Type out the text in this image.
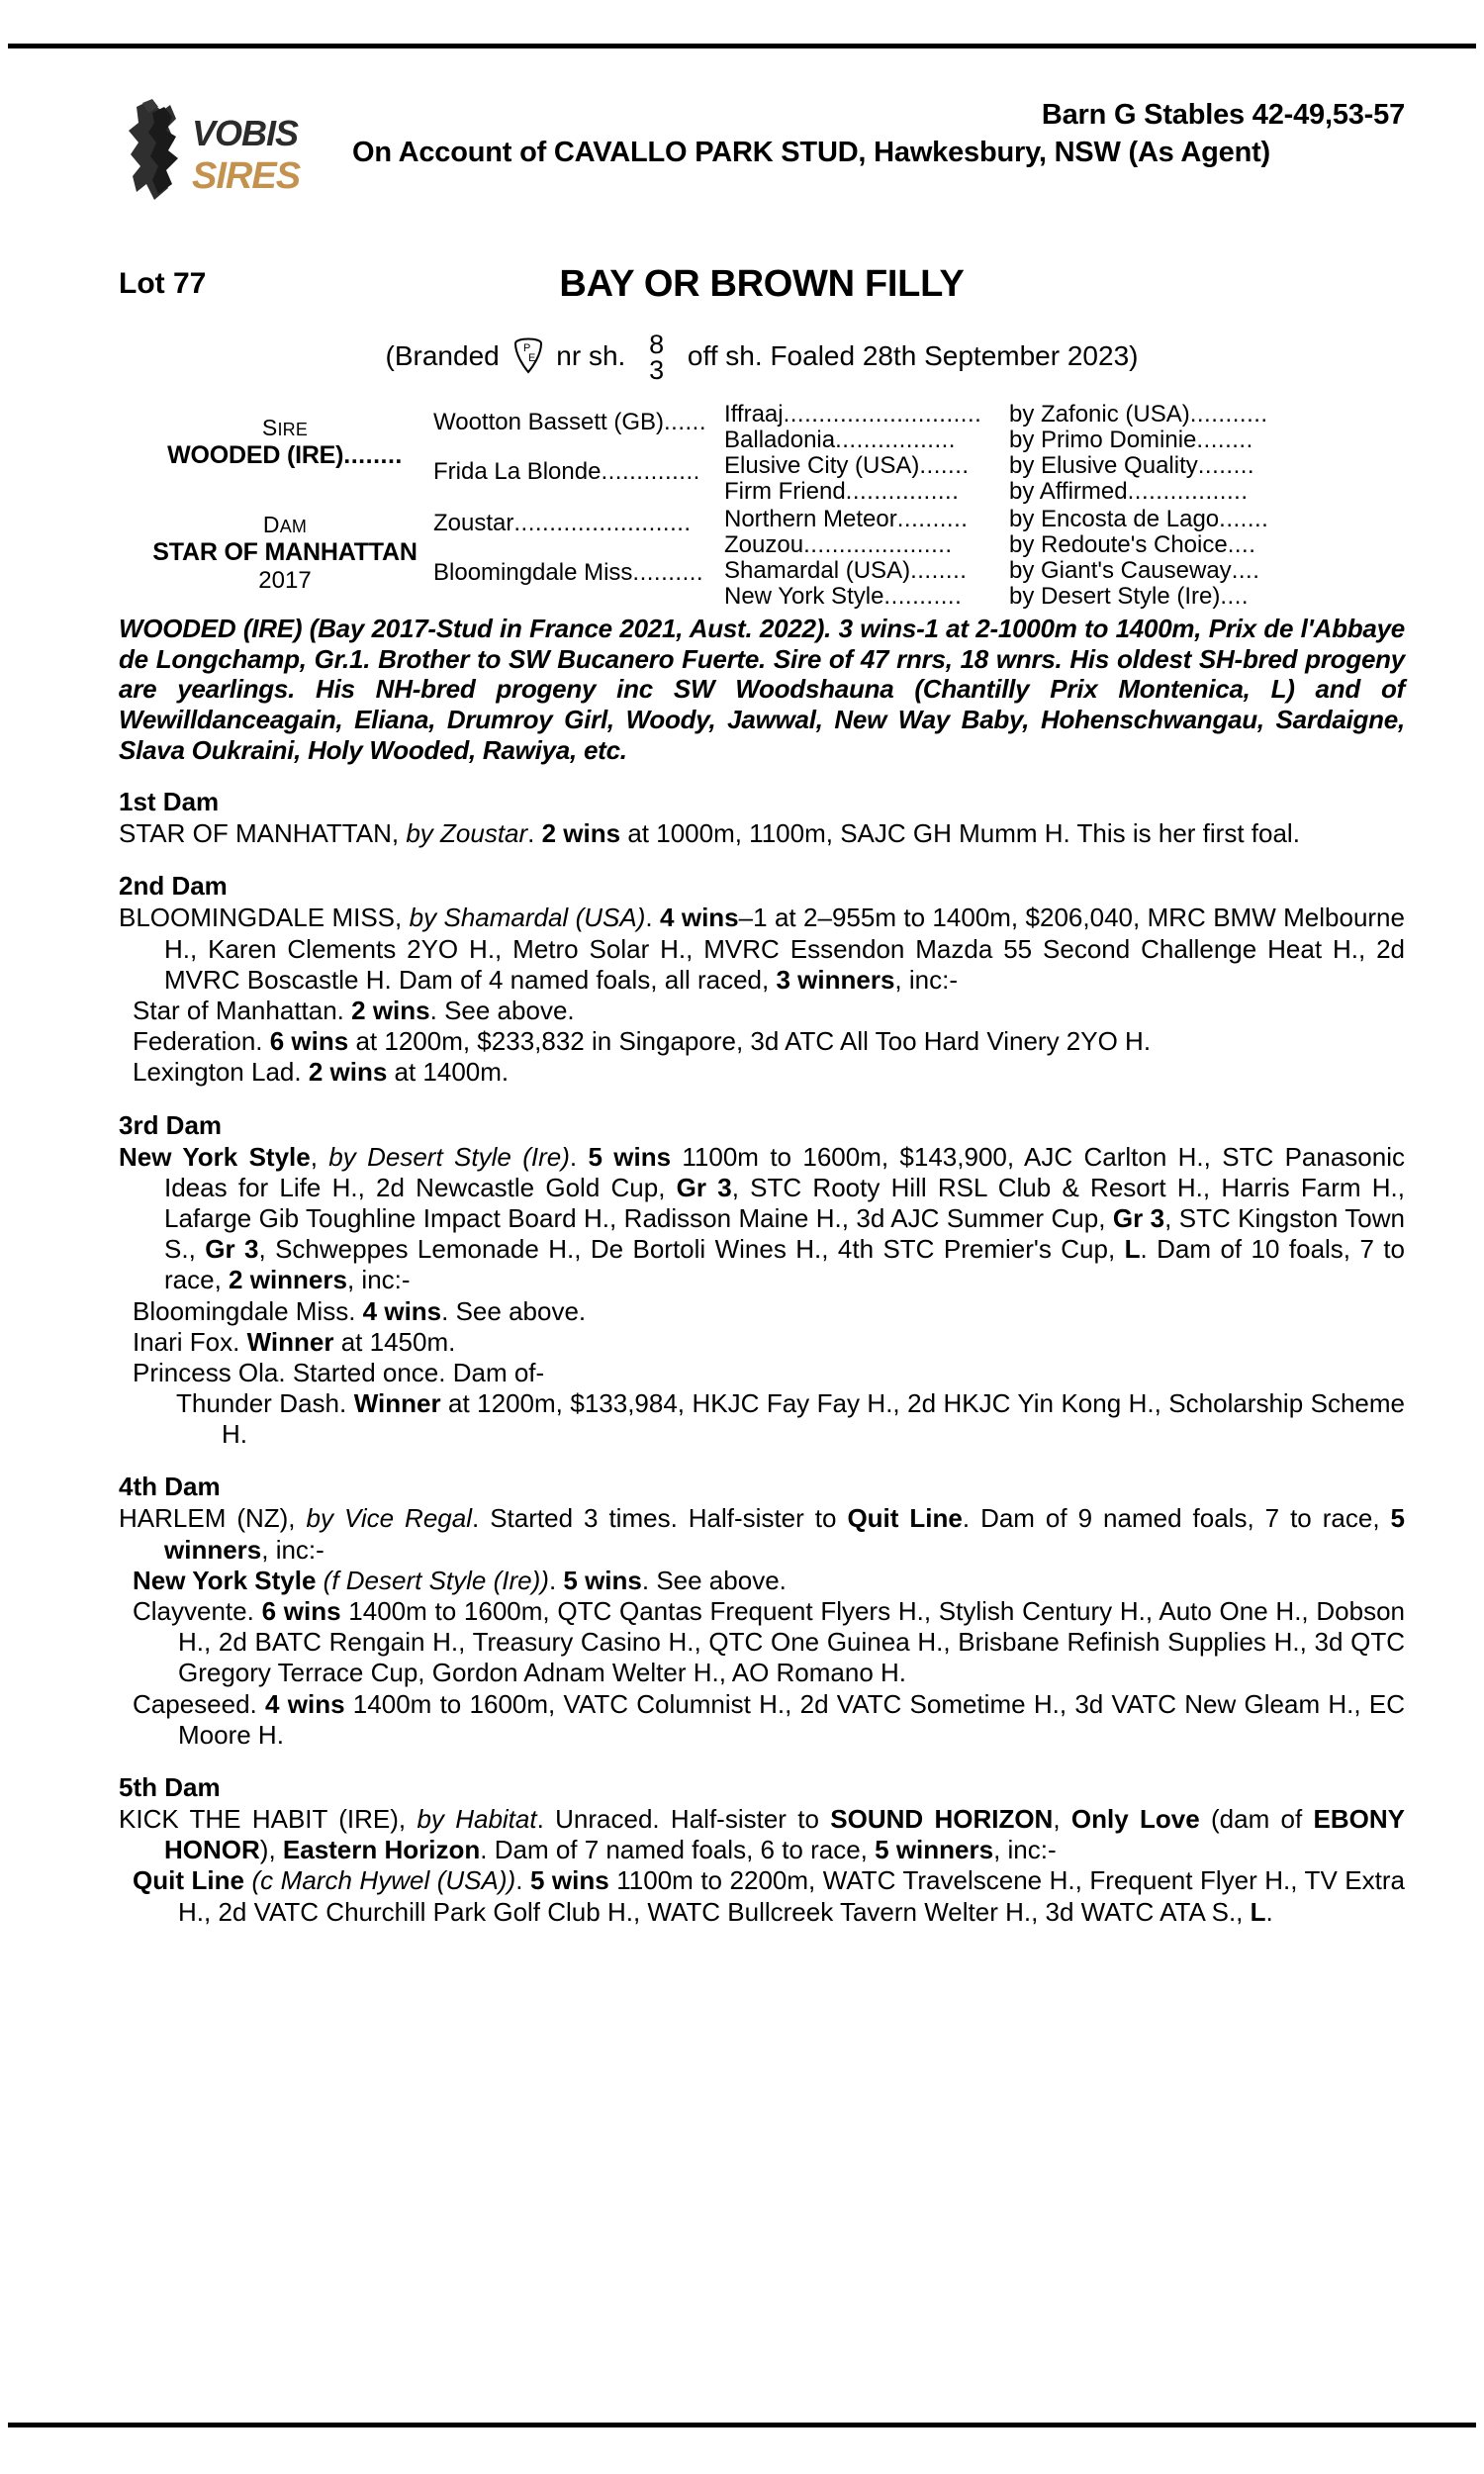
VOBIS
SIRES
Barn G Stables 42-49,53-57
On Account of CAVALLO PARK STUD, Hawkesbury, NSW (As Agent)
Lot 77	BAY OR BROWN FILLY
(Branded P
E nr sh. 8
3 off sh. Foaled 28th September 2023)
SIRE
WOODED (IRE)........
DAM
STAR OF MANHATTAN
2017
Wootton Bassett (GB)......
Frida La Blonde..............
Zoustar.........................
Bloomingdale Miss..........
Iffraaj............................
Balladonia.................
Elusive City (USA).......
Firm Friend................
Northern Meteor..........
Zouzou.....................
Shamardal (USA)........
New York Style...........
by Zafonic (USA)...........
by Primo Dominie........
by Elusive Quality........
by Affirmed.................
by Encosta de Lago.......
by Redoute's Choice....
by Giant's Causeway....
by Desert Style (Ire)....
WOODED (IRE) (Bay 2017-Stud in France 2021, Aust. 2022). 3 wins-1 at 2-1000m to 1400m, Prix de l'Abbaye de Longchamp, Gr.1. Brother to SW Bucanero Fuerte. Sire of 47 rnrs, 18 wnrs. His oldest SH-bred progeny are yearlings. His NH-bred progeny inc SW Woodshauna (Chantilly Prix Montenica, L) and of Wewilldanceagain, Eliana, Drumroy Girl, Woody, Jawwal, New Way Baby, Hohenschwangau, Sardaigne, Slava Oukraini, Holy Wooded, Rawiya, etc.
1st Dam
STAR OF MANHATTAN, by Zoustar. 2 wins at 1000m, 1100m, SAJC GH Mumm H. This is her first foal.
2nd Dam
BLOOMINGDALE MISS, by Shamardal (USA). 4 wins–1 at 2–955m to 1400m, $206,040, MRC BMW Melbourne H., Karen Clements 2YO H., Metro Solar H., MVRC Essendon Mazda 55 Second Challenge Heat H., 2d MVRC Boscastle H. Dam of 4 named foals, all raced, 3 winners, inc:-
Star of Manhattan. 2 wins. See above.
Federation. 6 wins at 1200m, $233,832 in Singapore, 3d ATC All Too Hard Vinery 2YO H.
Lexington Lad. 2 wins at 1400m.
3rd Dam
New York Style, by Desert Style (Ire). 5 wins 1100m to 1600m, $143,900, AJC Carlton H., STC Panasonic Ideas for Life H., 2d Newcastle Gold Cup, Gr 3, STC Rooty Hill RSL Club & Resort H., Harris Farm H., Lafarge Gib Toughline Impact Board H., Radisson Maine H., 3d AJC Summer Cup, Gr 3, STC Kingston Town S., Gr 3, Schweppes Lemonade H., De Bortoli Wines H., 4th STC Premier's Cup, L. Dam of 10 foals, 7 to race, 2 winners, inc:-
Bloomingdale Miss. 4 wins. See above.
Inari Fox. Winner at 1450m.
Princess Ola. Started once. Dam of-
Thunder Dash. Winner at 1200m, $133,984, HKJC Fay Fay H., 2d HKJC Yin Kong H., Scholarship Scheme H.
4th Dam
HARLEM (NZ), by Vice Regal. Started 3 times. Half-sister to Quit Line. Dam of 9 named foals, 7 to race, 5 winners, inc:-
New York Style (f Desert Style (Ire)). 5 wins. See above.
Clayvente. 6 wins 1400m to 1600m, QTC Qantas Frequent Flyers H., Stylish Century H., Auto One H., Dobson H., 2d BATC Rengain H., Treasury Casino H., QTC One Guinea H., Brisbane Refinish Supplies H., 3d QTC Gregory Terrace Cup, Gordon Adnam Welter H., AO Romano H.
Capeseed. 4 wins 1400m to 1600m, VATC Columnist H., 2d VATC Sometime H., 3d VATC New Gleam H., EC Moore H.
5th Dam
KICK THE HABIT (IRE), by Habitat. Unraced. Half-sister to SOUND HORIZON, Only Love (dam of EBONY HONOR), Eastern Horizon. Dam of 7 named foals, 6 to race, 5 winners, inc:-
Quit Line (c March Hywel (USA)). 5 wins 1100m to 2200m, WATC Travelscene H., Frequent Flyer H., TV Extra H., 2d VATC Churchill Park Golf Club H., WATC Bullcreek Tavern Welter H., 3d WATC ATA S., L.
